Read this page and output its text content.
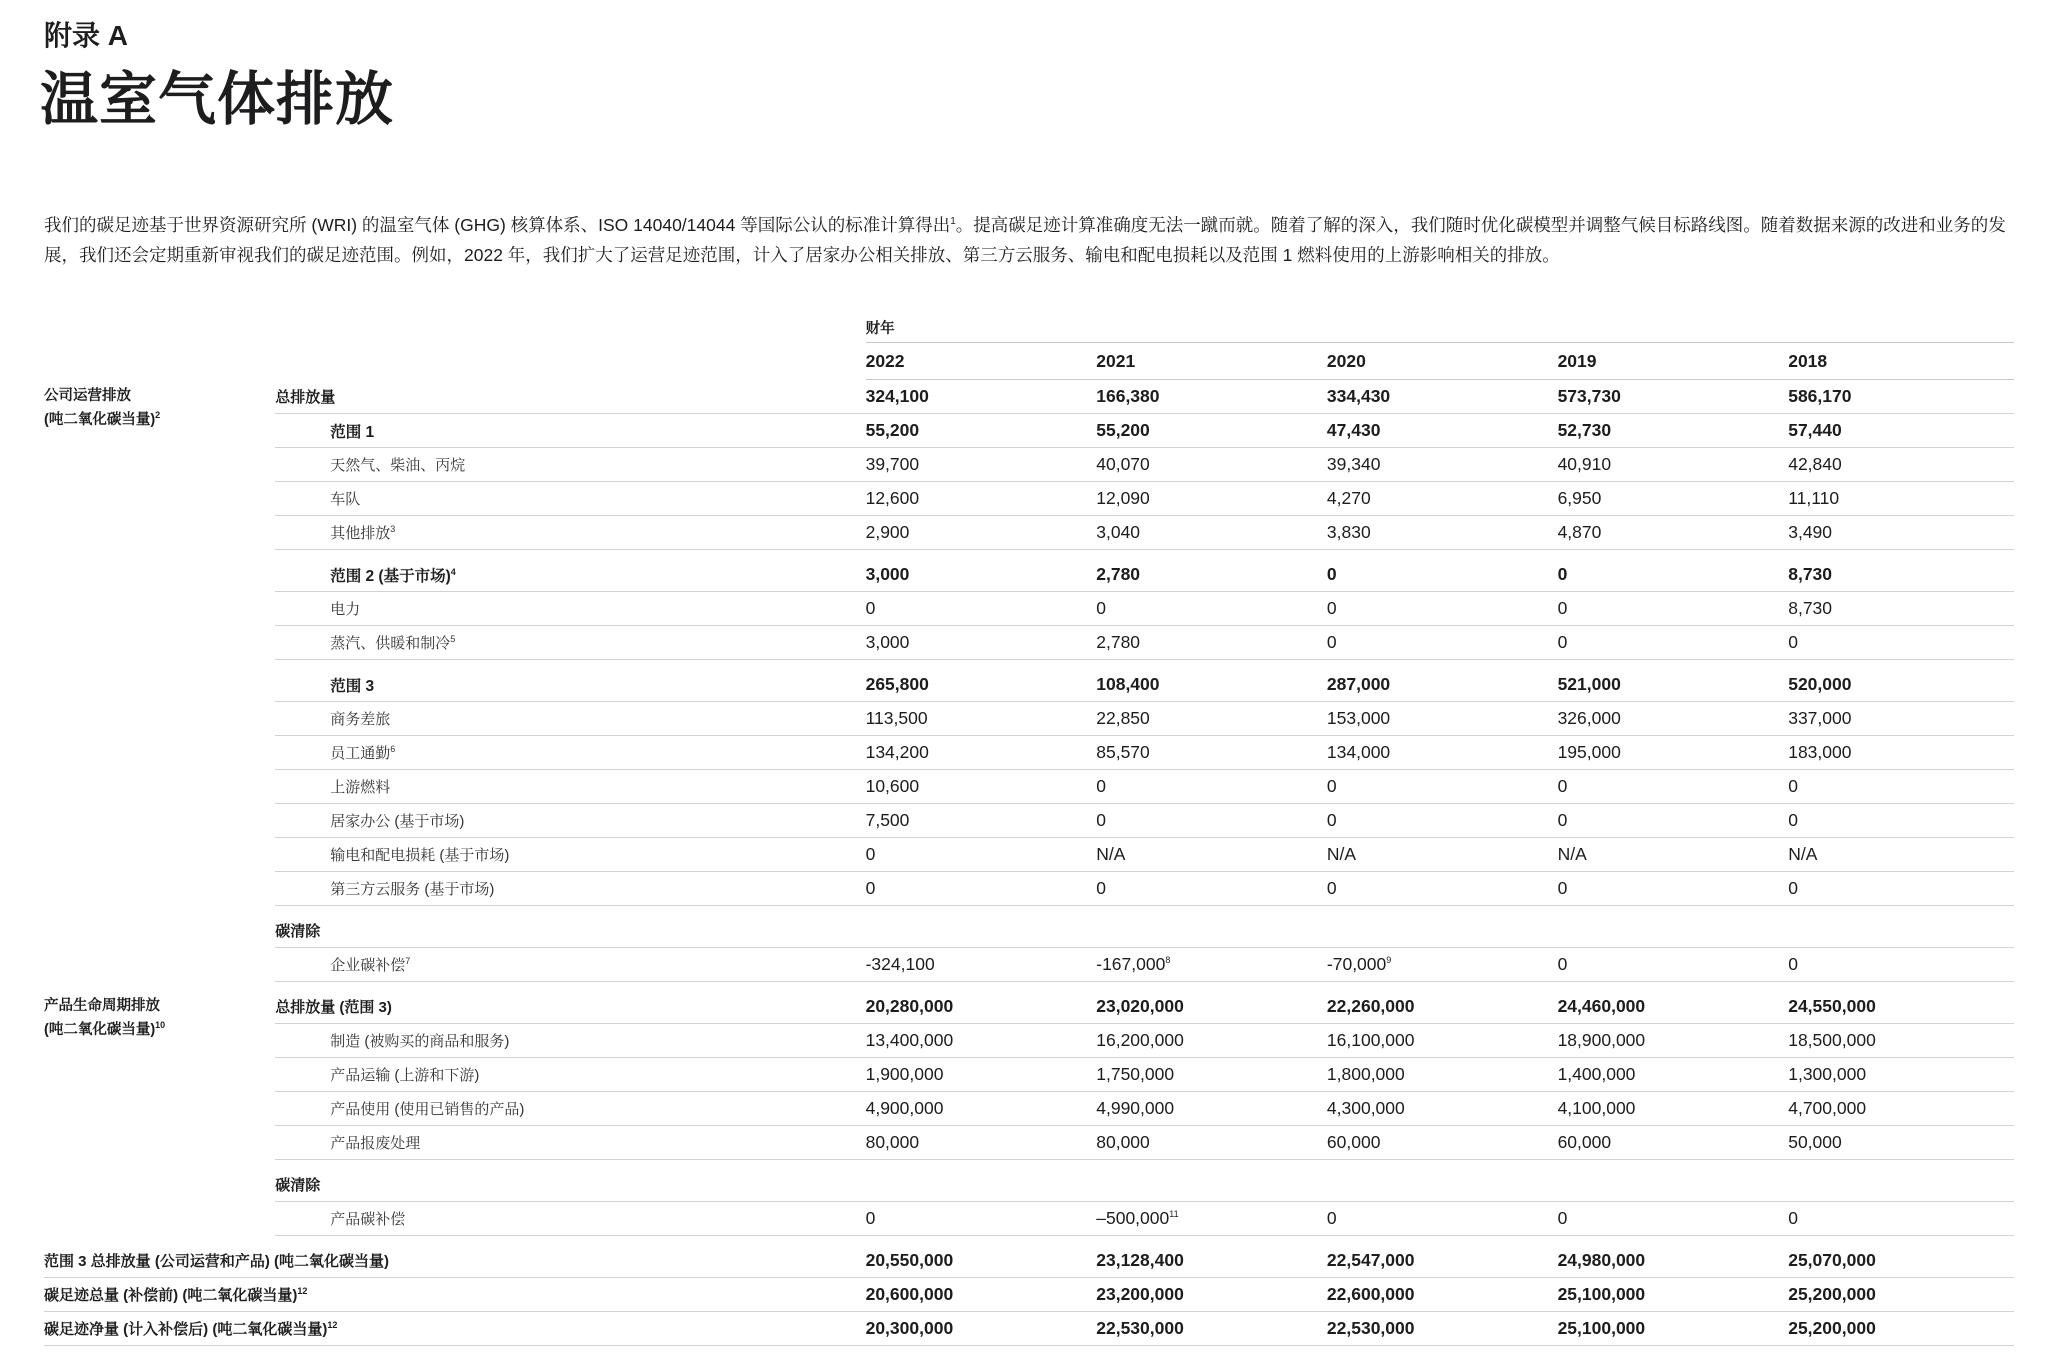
附录 A
温室气体排放

我们的碳足迹基于世界资源研究所 (WRI) 的温室气体 (GHG) 核算体系、ISO 14040/14044 等国际公认的标准计算得出$^1$。提高碳足迹计算准确度无法一蹴而就。随着了解的深入，我们随时优化碳模型并调整气候目标路线图。随着数据来源的改进和业务的发展，我们还会定期重新审视我们的碳足迹范围。例如，2022 年，我们扩大了运营足迹范围，计入了居家办公相关排放、第三方云服务、输电和配电损耗以及范围 1 燃料使用的上游影响相关的排放。

		财年				
		2022	2021	2020	2019	2018

公司运营排放
(吨二氧化碳当量)$^2$	总排放量	324,100	166,380	334,430	573,730	586,170
	范围 1	55,200	55,200	47,430	52,730	57,440
	天然气、柴油、丙烷	39,700	40,070	39,340	40,910	42,840
	车队	12,600	12,090	4,270	6,950	11,110
	其他排放$^3$	2,900	3,040	3,830	4,870	3,490

	范围 2 (基于市场)$^4$	3,000	2,780	0	0	8,730
	电力	0	0	0	0	8,730
	蒸汽、供暖和制冷$^5$	3,000	2,780	0	0	0

	范围 3	265,800	108,400	287,000	521,000	520,000
	商务差旅	113,500	22,850	153,000	326,000	337,000
	员工通勤$^6$	134,200	85,570	134,000	195,000	183,000
	上游燃料	10,600	0	0	0	0
	居家办公 (基于市场)	7,500	0	0	0	0
	输电和配电损耗 (基于市场)	0	N/A	N/A	N/A	N/A
	第三方云服务 (基于市场)	0	0	0	0	0

	碳清除					
	企业碳补偿$^7$	-324,100	-167,000$^8$	-70,000$^9$	0	0

产品生命周期排放
(吨二氧化碳当量)$^{10}$	总排放量 (范围 3)	20,280,000	23,020,000	22,260,000	24,460,000	24,550,000
	制造 (被购买的商品和服务)	13,400,000	16,200,000	16,100,000	18,900,000	18,500,000
	产品运输 (上游和下游)	1,900,000	1,750,000	1,800,000	1,400,000	1,300,000
	产品使用 (使用已销售的产品)	4,900,000	4,990,000	4,300,000	4,100,000	4,700,000
	产品报废处理	80,000	80,000	60,000	60,000	50,000

	碳清除					
	产品碳补偿	0	–500,000$^{11}$	0	0	0

范围 3 总排放量 (公司运营和产品) (吨二氧化碳当量)		20,550,000	23,128,400	22,547,000	24,980,000	25,070,000
碳足迹总量 (补偿前) (吨二氧化碳当量)$^{12}$		20,600,000	23,200,000	22,600,000	25,100,000	25,200,000
碳足迹净量 (计入补偿后) (吨二氧化碳当量)$^{12}$		20,300,000	22,530,000	22,530,000	25,100,000	25,200,000
